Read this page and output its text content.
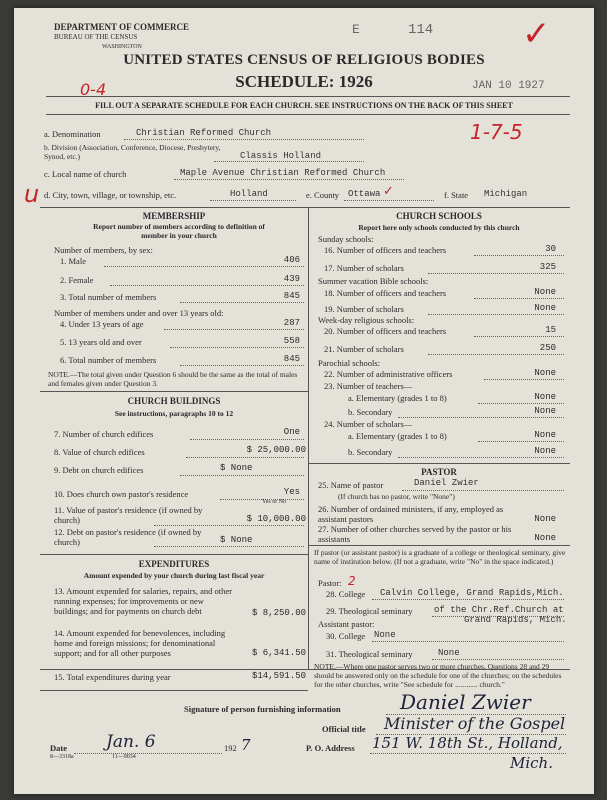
DEPARTMENT OF COMMERCE
BUREAU OF THE CENSUS
WASHINGTON
E	114	✓
UNITED STATES CENSUS OF RELIGIOUS BODIES
SCHEDULE: 1926
0-4	JAN 10 1927
FILL OUT A SEPARATE SCHEDULE FOR EACH CHURCH. SEE INSTRUCTIONS ON THE BACK OF THIS SHEET
a. Denomination	Christian Reformed Church	1-7-5
b. Division (Association, Conference, Diocese, Presbytery, Synod, etc.)	Classis Holland
c. Local name of church	Maple Avenue Christian Reformed Church
u d. City, town, village, or township, etc.	Holland	e. County Ottawa ✓	f. State Michigan
MEMBERSHIP
Report number of members according to definition of member in your church
Number of members, by sex:
1. Male	406
2. Female	439
3. Total number of members	845
Number of members under and over 13 years old:
4. Under 13 years of age	287
5. 13 years old and over	558
6. Total number of members	845
NOTE.—The total given under Question 6 should be the same as the total of males and females given under Question 3.
CHURCH BUILDINGS
See instructions, paragraphs 10 to 12
7. Number of church edifices	One
8. Value of church edifices	$ 25,000.00
9. Debt on church edifices	$ None
10. Does church own pastor's residence	Yes
Yes or No
11. Value of pastor's residence (if owned by church)	$ 10,000.00
12. Debt on pastor's residence (if owned by church)	$ None
EXPENDITURES
Amount expended by your church during last fiscal year
13. Amount expended for salaries, repairs, and other running expenses; for improvements or new buildings; and for payments on church debt	$ 8,250.00
14. Amount expended for benevolences, including home and foreign missions; for denominational support; and for all other purposes	$ 6,341.50
15. Total expenditures during year	$14,591.50
CHURCH SCHOOLS
Report here only schools conducted by this church
Sunday schools:
16. Number of officers and teachers	30
17. Number of scholars	325
Summer vacation Bible schools:
18. Number of officers and teachers	None
19. Number of scholars	None
Week-day religious schools:
20. Number of officers and teachers	15
21. Number of scholars	250
Parochial schools:
22. Number of administrative officers	None
23. Number of teachers—
a. Elementary (grades 1 to 8)	None
b. Secondary	None
24. Number of scholars—
a. Elementary (grades 1 to 8)	None
b. Secondary	None
PASTOR
25. Name of pastor	Daniel Zwier
(If church has no pastor, write "None")
26. Number of ordained ministers, if any, employed as assistant pastors	None
27. Number of other churches served by the pastor or his assistants	None
If pastor (or assistant pastor) is a graduate of a college or theological seminary, give name of institution below. (If not a graduate, write "No" in the space indicated.)
Pastor: 2
28. College Calvin College, Grand Rapids,Mich.
29. Theological seminary of the Chr.Ref.Church at
Grand Rapids, Mich.
Assistant pastor:
30. College None
31. Theological seminary	None
NOTE.—Where one pastor serves two or more churches, Questions 28 and 29 should be answered only on the schedule for one of the churches; on the schedules for the other churches, write "See schedule for ............ church."
Signature of person furnishing information	Daniel Zwier
Official title Minister of the Gospel
Date Jan. 6	192 7	P. O. Address 151 W. 18th St., Holland,
Mich.
8—3318a	11—9034
